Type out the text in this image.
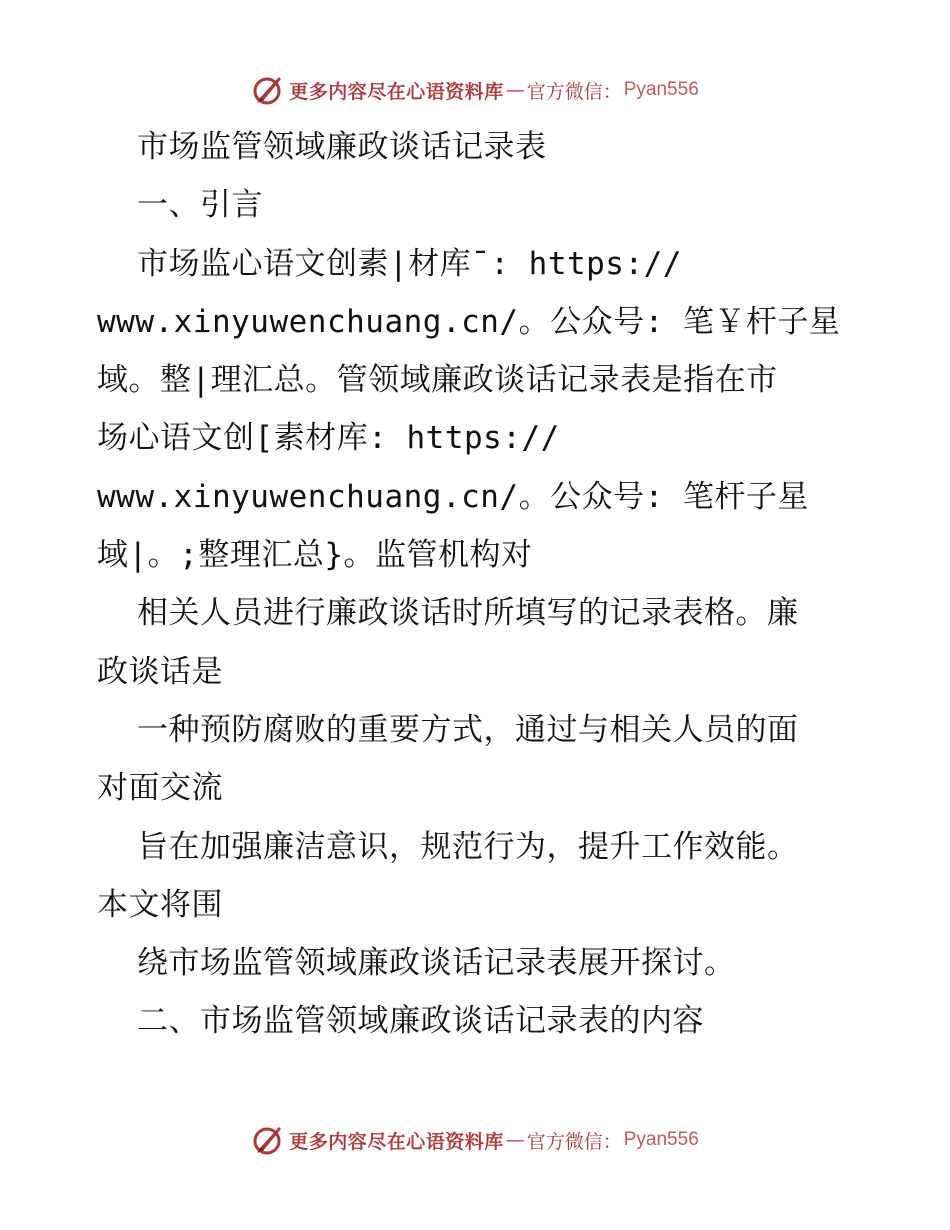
更多内容尽在心语资料库 — 官方微信： Pyan556
市场监管领域廉政谈话记录表
一、引言
市场监心语文创素|材库¯: https://
www.xinyuwenchuang.cn/。公众号: 笔￥杆子星
域。整|理汇总。管领域廉政谈话记录表是指在市
场心语文创[素材库: https://
www.xinyuwenchuang.cn/。公众号: 笔杆子星
域|。;整理汇总}。监管机构对
相关人员进行廉政谈话时所填写的记录表格。廉
政谈话是
一种预防腐败的重要方式，通过与相关人员的面
对面交流
旨在加强廉洁意识，规范行为，提升工作效能。
本文将围
绕市场监管领域廉政谈话记录表展开探讨。
二、市场监管领域廉政谈话记录表的内容
更多内容尽在心语资料库 — 官方微信： Pyan556
